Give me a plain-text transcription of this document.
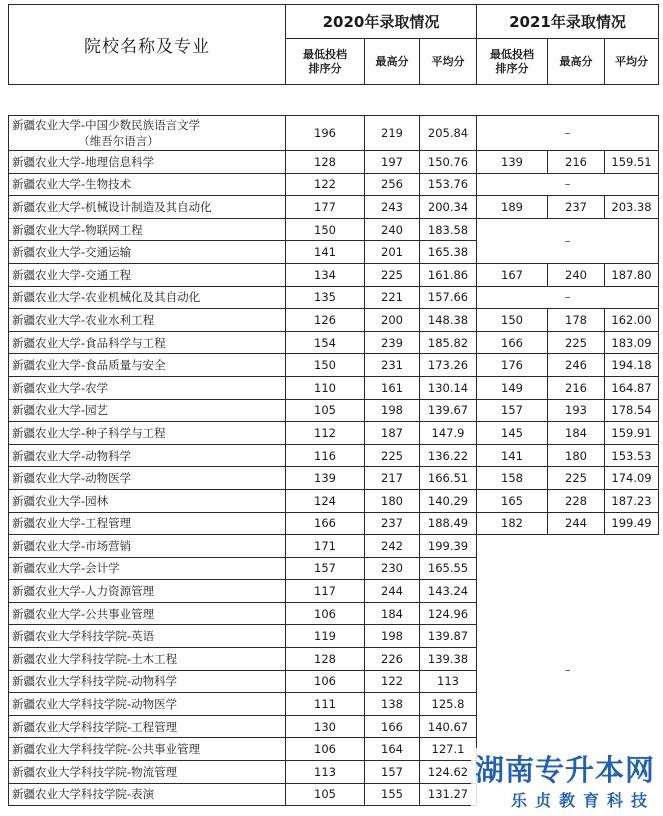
院校名称及专业	2020年录取情况			2021年录取情况		
	最低投档
排序分	最高分	平均分	最低投档
排序分	最高分	平均分

新疆农业大学-中国少数民族语言文学
（维吾尔语言）	196	219	205.84	–		
新疆农业大学-地理信息科学	128	197	150.76	139	216	159.51
新疆农业大学-生物技术	122	256	153.76	–		
新疆农业大学-机械设计制造及其自动化	177	243	200.34	189	237	203.38
新疆农业大学-物联网工程	150	240	183.58	–		
新疆农业大学-交通运输	141	201	165.38			
新疆农业大学-交通工程	134	225	161.86	167	240	187.80
新疆农业大学-农业机械化及其自动化	135	221	157.66	–		
新疆农业大学-农业水利工程	126	200	148.38	150	178	162.00
新疆农业大学-食品科学与工程	154	239	185.82	166	225	183.09
新疆农业大学-食品质量与安全	150	231	173.26	176	246	194.18
新疆农业大学-农学	110	161	130.14	149	216	164.87
新疆农业大学-园艺	105	198	139.67	157	193	178.54
新疆农业大学-种子科学与工程	112	187	147.9	145	184	159.91
新疆农业大学-动物科学	116	225	136.22	141	180	153.53
新疆农业大学-动物医学	139	217	166.51	158	225	174.09
新疆农业大学-园林	124	180	140.29	165	228	187.23
新疆农业大学-工程管理	166	237	188.49	182	244	199.49
新疆农业大学-市场营销	171	242	199.39	–		
新疆农业大学-会计学	157	230	165.55			
新疆农业大学-人力资源管理	117	244	143.24			
新疆农业大学-公共事业管理	106	184	124.96			
新疆农业大学科技学院-英语	119	198	139.87			
新疆农业大学科技学院-土木工程	128	226	139.38			
新疆农业大学科技学院-动物科学	106	122	113			
新疆农业大学科技学院-动物医学	111	138	125.8			
新疆农业大学科技学院-工程管理	130	166	140.67			
新疆农业大学科技学院-公共事业管理	106	164	127.1			
新疆农业大学科技学院-物流管理	113	157	124.62			
新疆农业大学科技学院-表演	105	155	131.27			
湖南专升本网
乐贞教育科技
